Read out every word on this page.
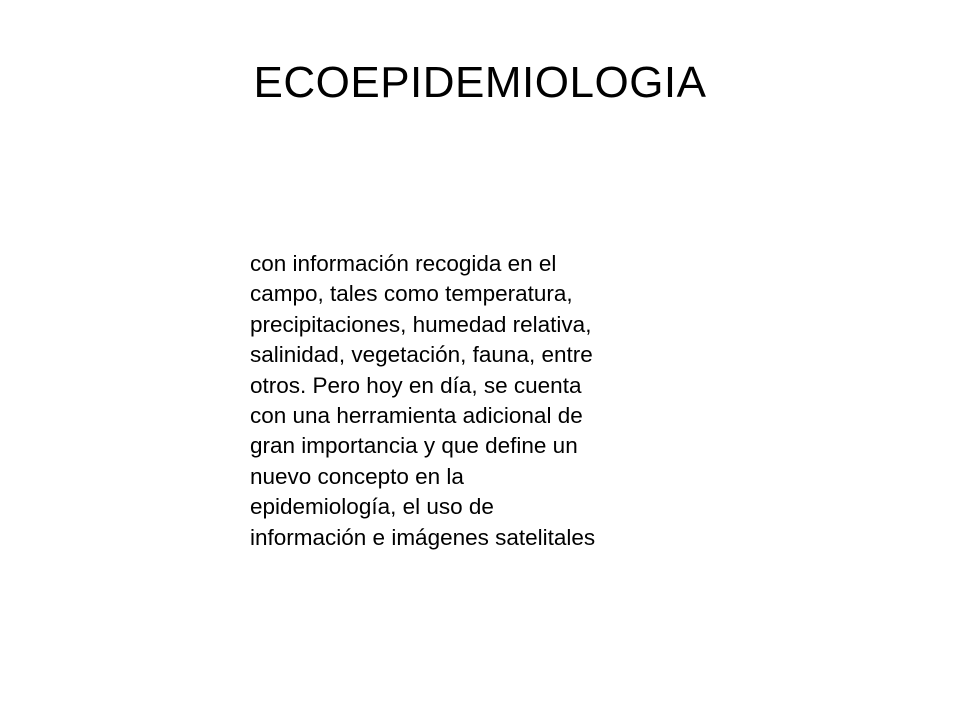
ECOEPIDEMIOLOGIA
con información recogida en el
campo, tales como temperatura,
precipitaciones, humedad relativa,
salinidad, vegetación, fauna, entre
otros. Pero hoy en día, se cuenta
con una herramienta adicional de
gran importancia y que define un
nuevo concepto en la
epidemiología, el uso de
información e imágenes satelitales
